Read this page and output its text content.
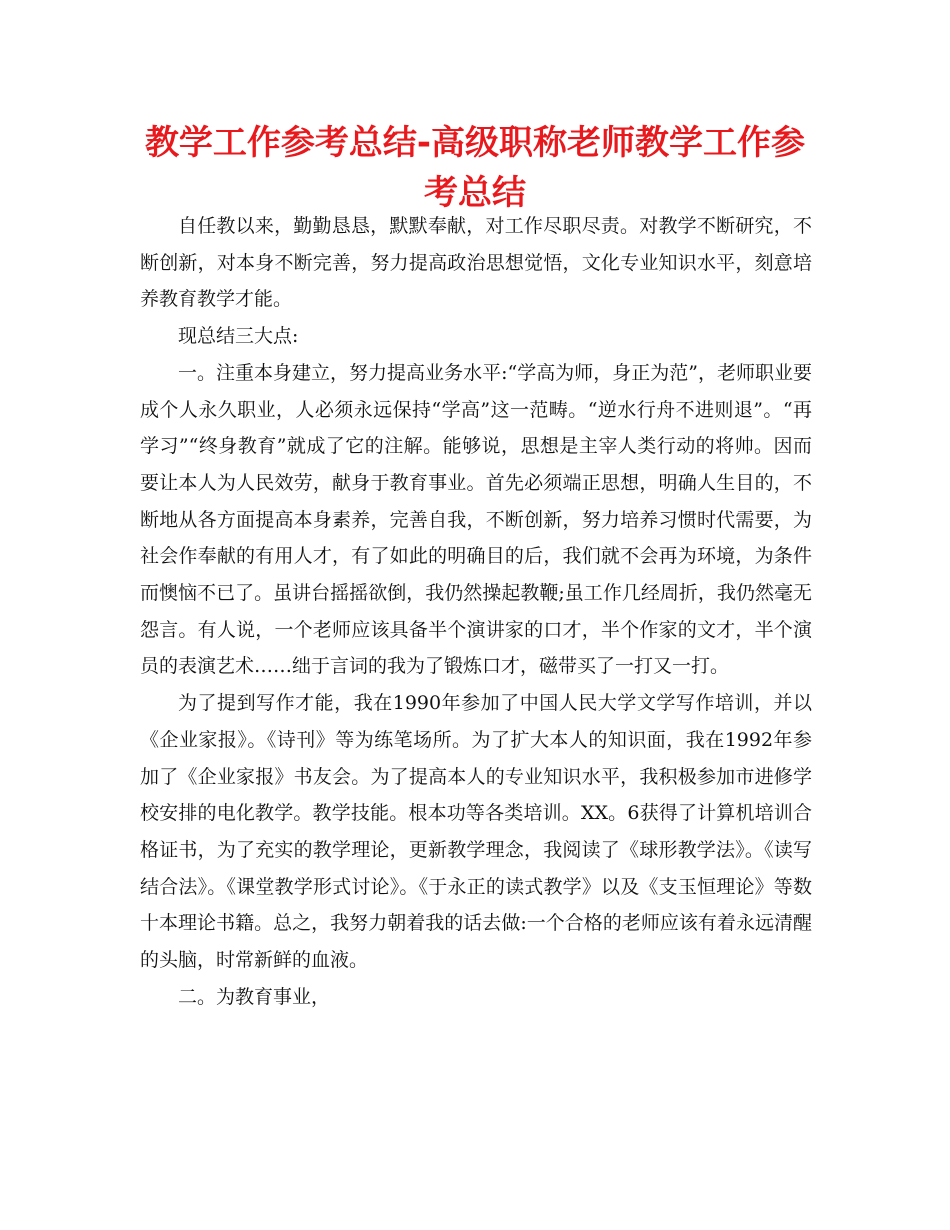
教学工作参考总结-高级职称老师教学工作参考总结

自任教以来，勤勤恳恳，默默奉献，对工作尽职尽责。对教学不断研究，不断创新，对本身不断完善，努力提高政治思想觉悟，文化专业知识水平，刻意培养教育教学才能。

现总结三大点:

一。注重本身建立，努力提高业务水平:“学高为师，身正为范”，老师职业要成个人永久职业，人必须永远保持“学高”这一范畴。“逆水行舟不进则退”。“再学习”“终身教育”就成了它的注解。能够说，思想是主宰人类行动的将帅。因而要让本人为人民效劳，献身于教育事业。首先必须端正思想，明确人生目的，不断地从各方面提高本身素养，完善自我，不断创新，努力培养习惯时代需要，为社会作奉献的有用人才，有了如此的明确目的后，我们就不会再为环境，为条件而懊恼不已了。虽讲台摇摇欲倒，我仍然操起教鞭;虽工作几经周折，我仍然毫无怨言。有人说，一个老师应该具备半个演讲家的口才，半个作家的文才，半个演员的表演艺术……绌于言词的我为了锻炼口才，磁带买了一打又一打。

为了提到写作才能，我在1990年参加了中国人民大学文学写作培训，并以《企业家报》。《诗刊》等为练笔场所。为了扩大本人的知识面，我在1992年参加了《企业家报》书友会。为了提高本人的专业知识水平，我积极参加市进修学校安排的电化教学。教学技能。根本功等各类培训。XX。6获得了计算机培训合格证书，为了充实的教学理论，更新教学理念，我阅读了《球形教学法》。《读写结合法》。《课堂教学形式讨论》。《于永正的读式教学》以及《支玉恒理论》等数十本理论书籍。总之，我努力朝着我的话去做:一个合格的老师应该有着永远清醒的头脑，时常新鲜的血液。

二。为教育事业，
